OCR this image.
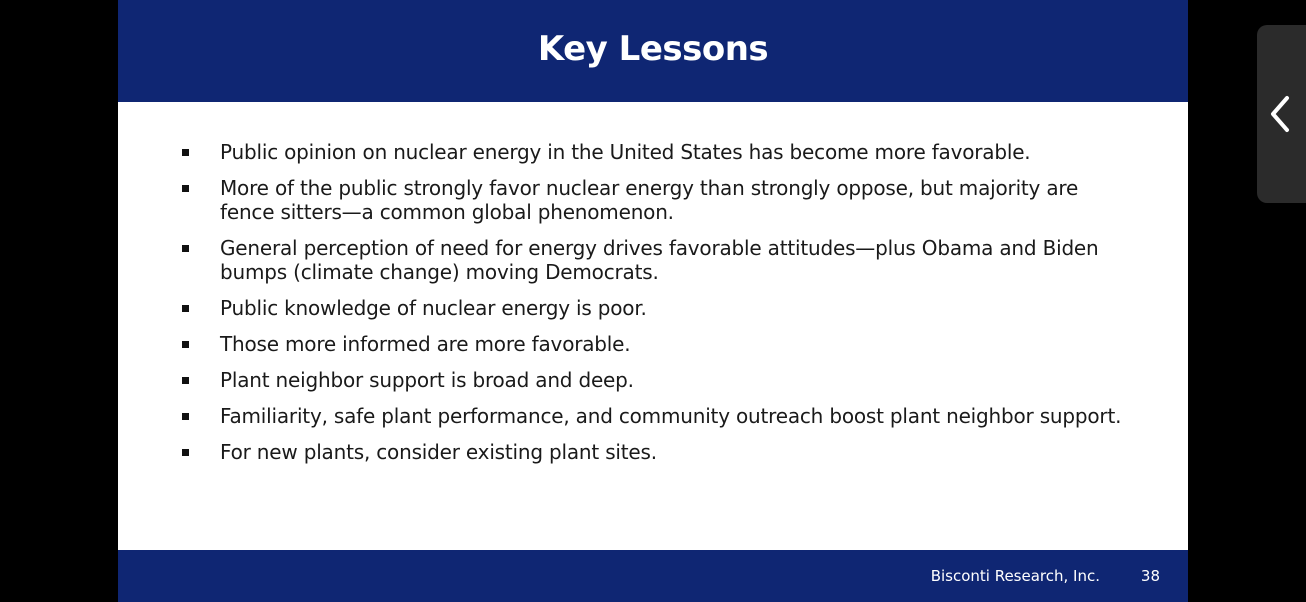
Key Lessons
Public opinion on nuclear energy in the United States has become more favorable.
More of the public strongly favor nuclear energy than strongly oppose, but majority are fence sitters—a common global phenomenon.
General perception of need for energy drives favorable attitudes—plus Obama and Biden bumps (climate change) moving Democrats.
Public knowledge of nuclear energy is poor.
Those more informed are more favorable.
Plant neighbor support is broad and deep.
Familiarity, safe plant performance, and community outreach boost plant neighbor support.
For new plants, consider existing plant sites.
Bisconti Research, Inc.	38
